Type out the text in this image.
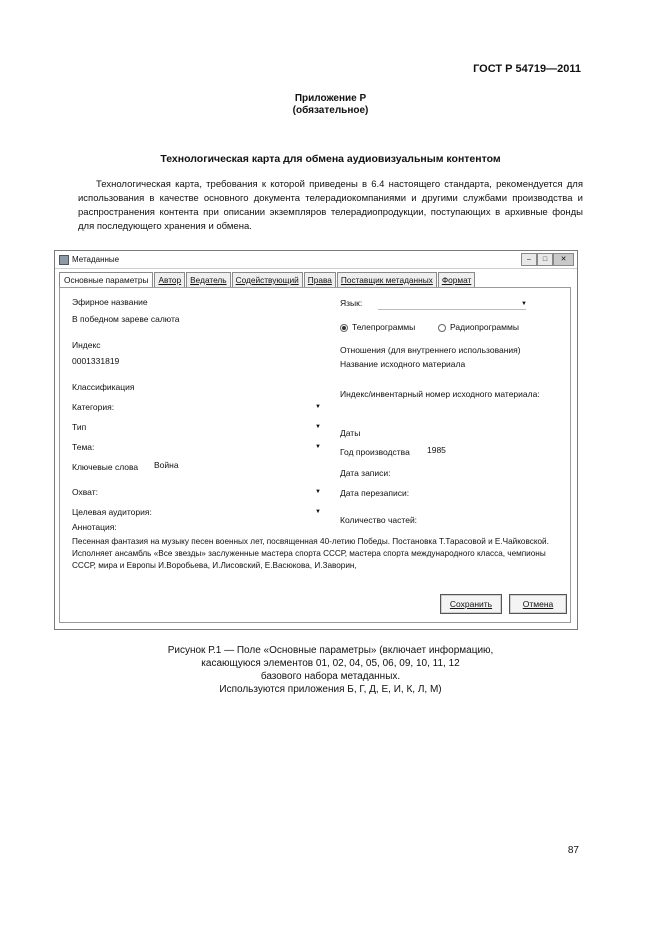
ГОСТ Р 54719—2011
Приложение Р
(обязательное)
Технологическая карта для обмена аудиовизуальным контентом
Технологическая карта, требования к которой приведены в 6.4 настоящего стандарта, рекомендуется для использования в качестве основного документа телерадиокомпаниями и другими службами производства и распространения контента при описании экземпляров телерадиопродукции, поступающих в архивные фонды для последующего хранения и обмена.
Метаданные	–	□	✕
Основные параметры	Автор	Ведатель	Содействующий	Права	Поставщик метаданных	Формат
Эфирное название
В победном зареве салюта
Индекс
0001331819
Классификация
Категория:	▼
Тип	▼
Тема:	▼
Ключевые слова Война
Охват:	▼
Целевая аудитория:	▼
Аннотация:
Язык:	▼
Телепрограммы	Радиопрограммы
Отношения (для внутреннего использования)
Название исходного материала
Индекс/инвентарный номер исходного материала:
Даты
Год производства 1985
Дата записи:
Дата перезаписи:
Количество частей:
Песенная фантазия на музыку песен военных лет, посвященная 40-летию Победы. Постановка Т.Тарасовой и Е.Чайковской. Исполняет ансамбль «Все звезды» заслуженные мастера спорта СССР, мастера спорта международного класса, чемпионы СССР, мира и Европы И.Воробьева, И.Лисовский, Е.Васюкова, И.Заворин,
Сохранить	Отмена
Рисунок Р.1 — Поле «Основные параметры» (включает информацию,
касающуюся элементов 01, 02, 04, 05, 06, 09, 10, 11, 12
базового набора метаданных.
Используются приложения Б, Г, Д, Е, И, К, Л, М)
87
